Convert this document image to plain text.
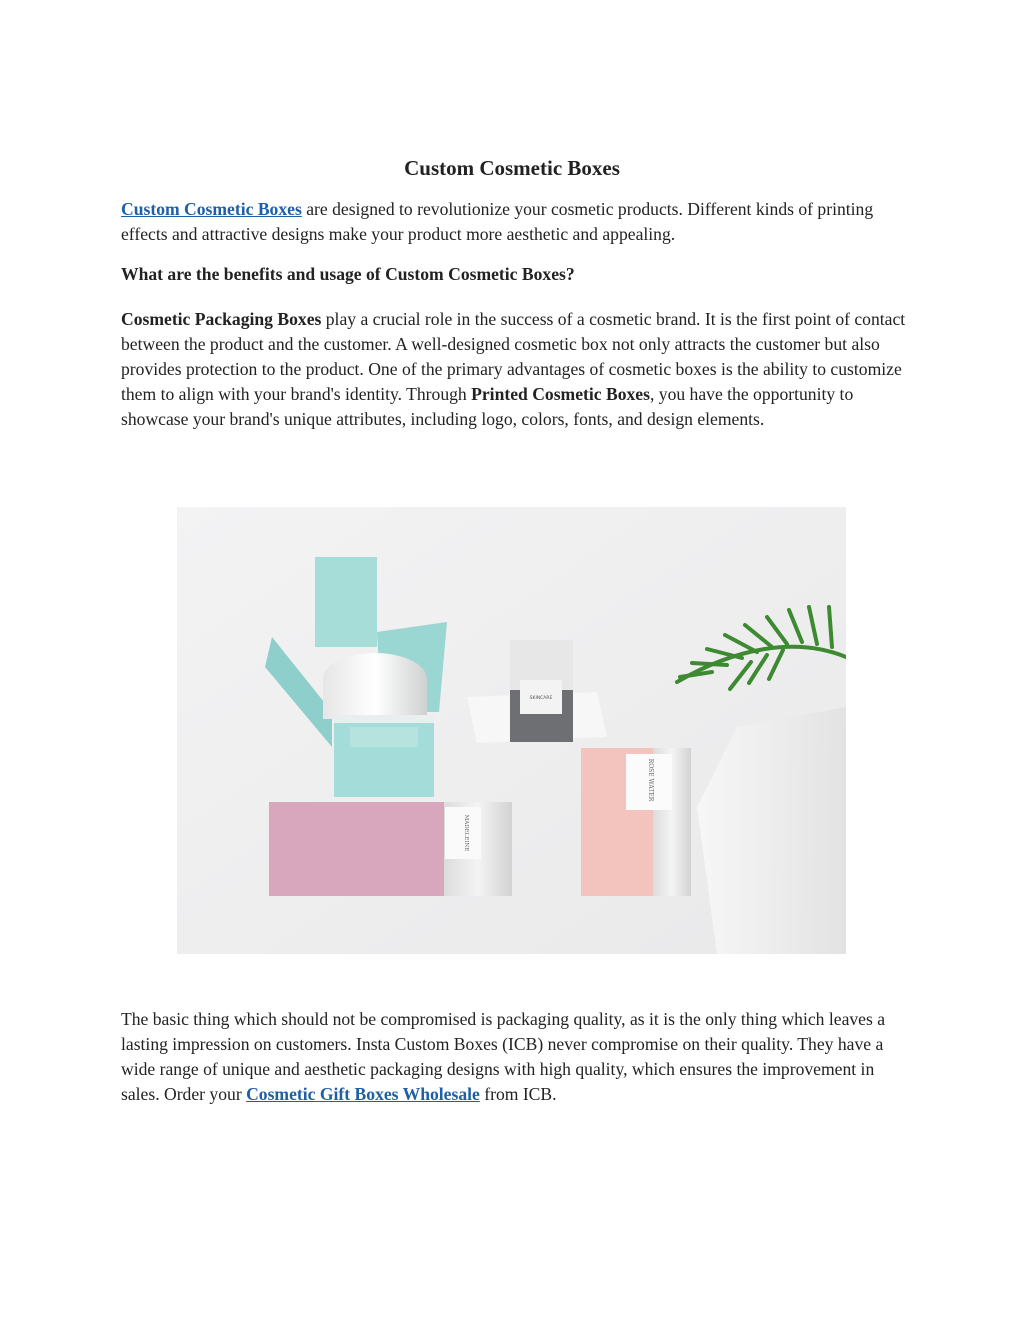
Custom Cosmetic Boxes

Custom Cosmetic Boxes are designed to revolutionize your cosmetic products. Different kinds of printing effects and attractive designs make your product more aesthetic and appealing.

What are the benefits and usage of Custom Cosmetic Boxes?

Cosmetic Packaging Boxes play a crucial role in the success of a cosmetic brand. It is the first point of contact between the product and the customer. A well-designed cosmetic box not only attracts the customer but also provides protection to the product. One of the primary advantages of cosmetic boxes is the ability to customize them to align with your brand's identity. Through Printed Cosmetic Boxes, you have the opportunity to showcase your brand's unique attributes, including logo, colors, fonts, and design elements.

SKINCARE
MADELEINE
ROSE WATER

The basic thing which should not be compromised is packaging quality, as it is the only thing which leaves a lasting impression on customers. Insta Custom Boxes (ICB) never compromise on their quality. They have a wide range of unique and aesthetic packaging designs with high quality, which ensures the improvement in sales. Order your Cosmetic Gift Boxes Wholesale from ICB.
